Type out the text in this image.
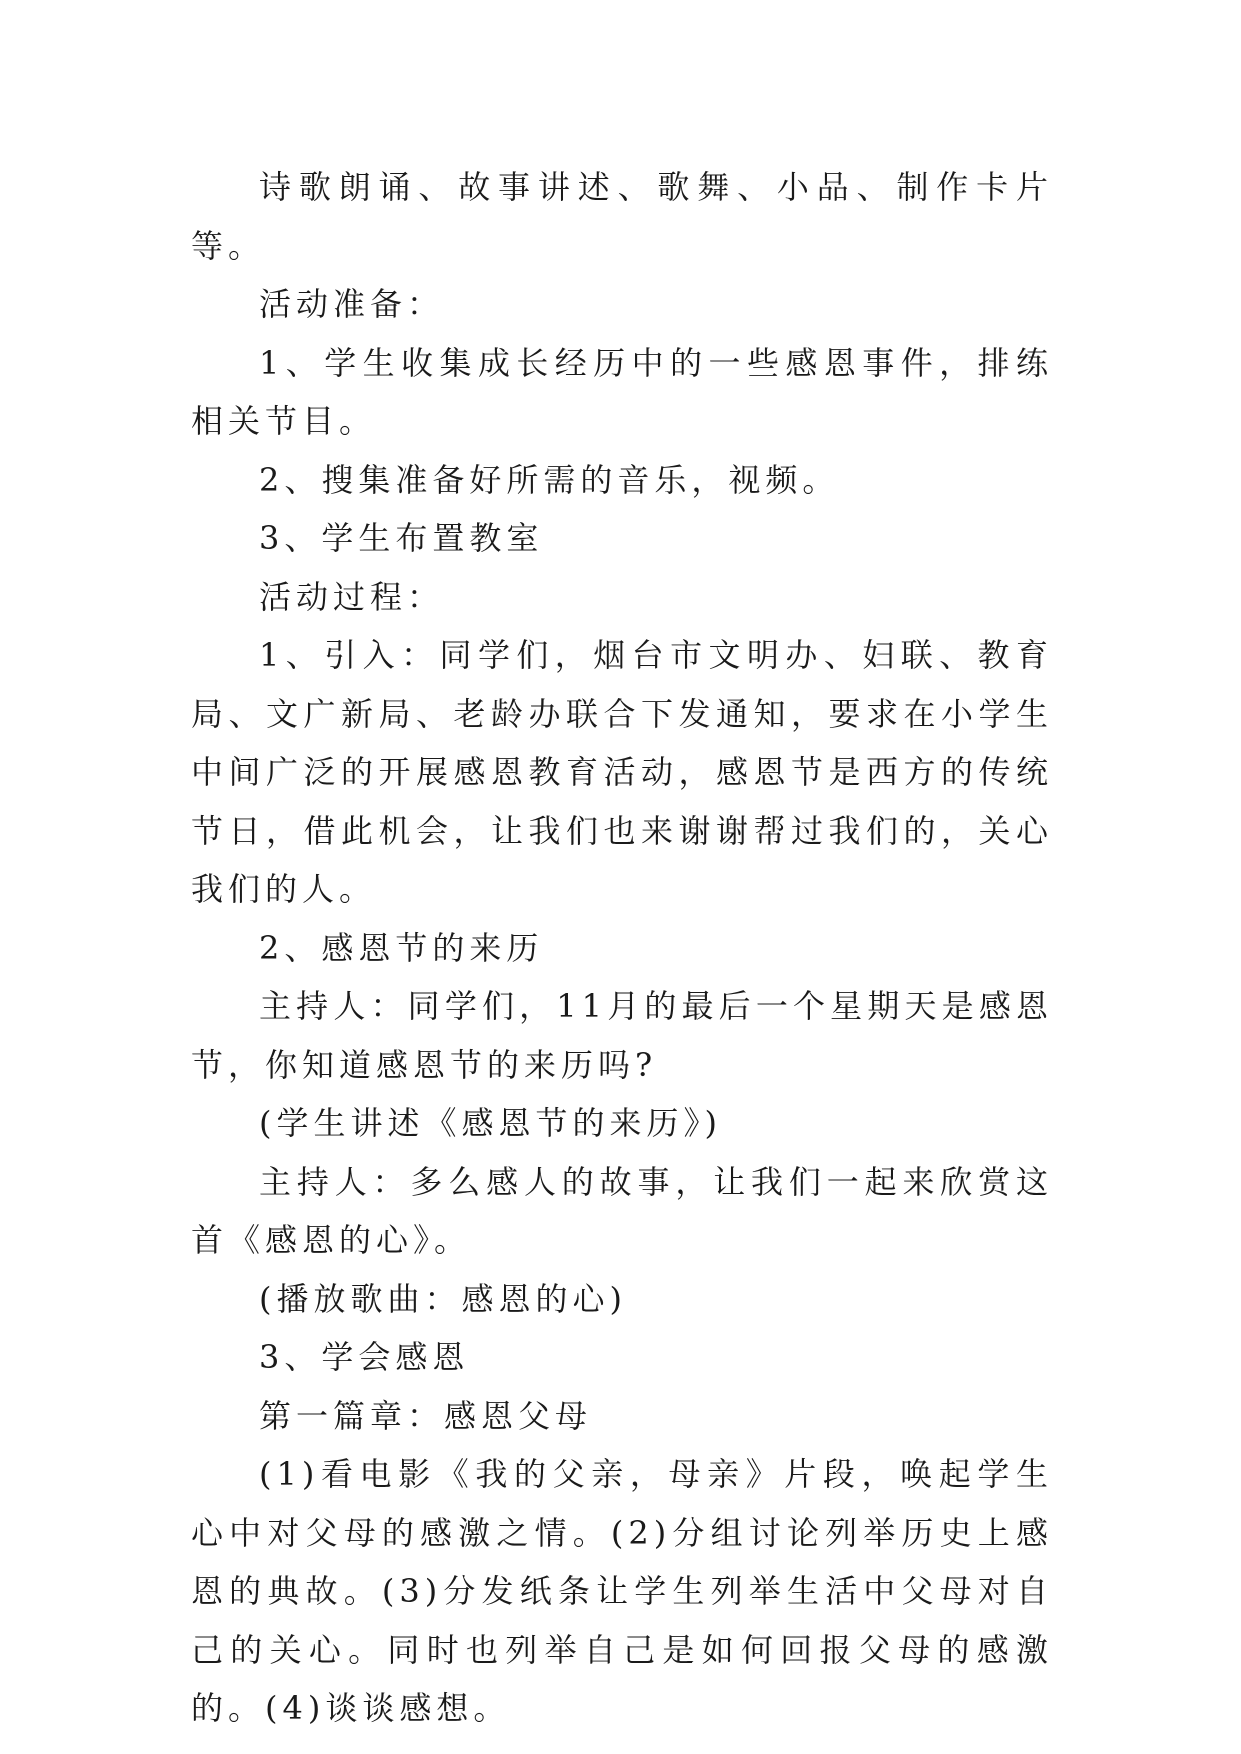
诗歌朗诵、故事讲述、歌舞、小品、制作卡片等。

活动准备：

1、学生收集成长经历中的一些感恩事件，排练相关节目。

2、搜集准备好所需的音乐，视频。

3、学生布置教室

活动过程：

1、引入：同学们，烟台市文明办、妇联、教育局、文广新局、老龄办联合下发通知，要求在小学生中间广泛的开展感恩教育活动，感恩节是西方的传统节日，借此机会，让我们也来谢谢帮过我们的，关心我们的人。

2、感恩节的来历

主持人：同学们，11月的最后一个星期天是感恩节，你知道感恩节的来历吗?

(学生讲述《感恩节的来历》)

主持人：多么感人的故事，让我们一起来欣赏这首《感恩的心》。

(播放歌曲：感恩的心)

3、学会感恩

第一篇章：感恩父母

(1)看电影《我的父亲，母亲》片段，唤起学生心中对父母的感激之情。(2)分组讨论列举历史上感恩的典故。(3)分发纸条让学生列举生活中父母对自己的关心。同时也列举自己是如何回报父母的感激的。(4)谈谈感想。
